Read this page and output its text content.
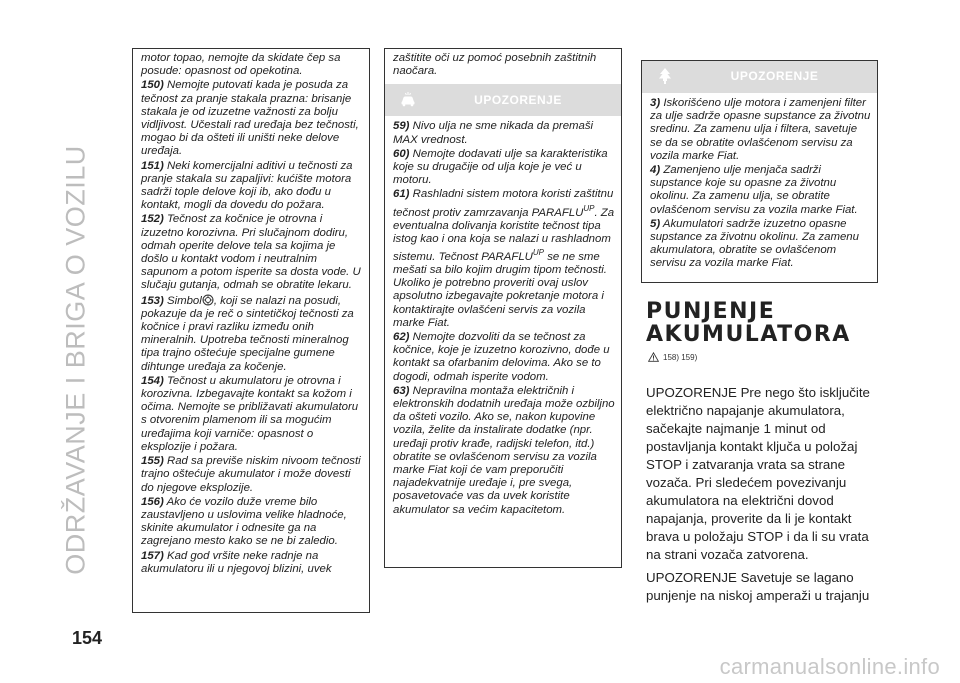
ODRŽAVANJE I BRIGA O VOZILU

motor topao, nemojte da skidate čep sa posude: opasnost od opekotina.

150) Nemojte putovati kada je posuda za tečnost za pranje stakala prazna: brisanje stakala je od izuzetne važnosti za bolju vidljivost. Učestali rad uređaja bez tečnosti, mogao bi da ošteti ili uništi neke delove uređaja.

151) Neki komercijalni aditivi u tečnosti za pranje stakala su zapaljivi: kućište motora sadrži tople delove koji ib, ako dođu u kontakt, mogli da dovedu do požara.

152) Tečnost za kočnice je otrovna i izuzetno korozivna. Pri slučajnom dodiru, odmah operite delove tela sa kojima je došlo u kontakt vodom i neutralnim sapunom a potom isperite sa dosta vode. U slučaju gutanja, odmah se obratite lekaru.

153) Simbol , koji se nalazi na posudi, pokazuje da je reč o sintetičkoj tečnosti za kočnice i pravi razliku između onih mineralnih. Upotreba tečnosti mineralnog tipa trajno oštećuje specijalne gumene dihtunge uređaja za kočenje.

154) Tečnost u akumulatoru je otrovna i korozivna. Izbegavajte kontakt sa kožom i očima. Nemojte se približavati akumulatoru s otvorenim plamenom ili sa mogućim uređajima koji varniče: opasnost o eksplozije i požara.

155) Rad sa previše niskim nivoom tečnosti trajno oštećuje akumulator i može dovesti do njegove eksplozije.

156) Ako će vozilo duže vreme bilo zaustavljeno u uslovima velike hladnoće, skinite akumulator i odnesite ga na zagrejano mesto kako se ne bi zaledio.

157) Kad god vršite neke radnje na akumulatoru ili u njegovoj blizini, uvek

zaštitite oči uz pomoć posebnih zaštitnih naočara.

UPOZORENJE

59) Nivo ulja ne sme nikada da premaši MAX vrednost.

60) Nemojte dodavati ulje sa karakteristika koje su drugačije od ulja koje je već u motoru.

61) Rashladni sistem motora koristi zaštitnu tečnost protiv zamrzavanja $PARAFLU^{UP}$. Za eventualna dolivanja koristite tečnost tipa istog kao i ona koja se nalazi u rashladnom sistemu. Tečnost $PARAFLU^{UP}$ se ne sme mešati sa bilo kojim drugim tipom tečnosti. Ukoliko je potrebno proveriti ovaj uslov apsolutno izbegavajte pokretanje motora i kontaktirajte ovlašćeni servis za vozila marke Fiat.

62) Nemojte dozvoliti da se tečnost za kočnice, koje je izuzetno korozivno, dođe u kontakt sa ofarbanim delovima. Ako se to dogodi, odmah isperite vodom.

63) Nepravilna montaža električnih i elektronskih dodatnih uređaja može ozbiljno da ošteti vozilo. Ako se, nakon kupovine vozila, želite da instalirate dodatke (npr. uređaji protiv krađe, radijski telefon, itd.) obratite se ovlašćenom servisu za vozila marke Fiat koji će vam preporučiti najadekvatnije uređaje i, pre svega, posavetovaće vas da uvek koristite akumulator sa većim kapacitetom.

UPOZORENJE

3) Iskorišćeno ulje motora i zamenjeni filter za ulje sadrže opasne supstance za životnu sredinu. Za zamenu ulja i filtera, savetuje se da se obratite ovlašćenom servisu za vozila marke Fiat.

4) Zamenjeno ulje menjača sadrži supstance koje su opasne za životnu okolinu. Za zamenu ulja, se obratite ovlašćenom servisu za vozila marke Fiat.

5) Akumulatori sadrže izuzetno opasne supstance za životnu okolinu. Za zamenu akumulatora, obratite se ovlašćenom servisu za vozila marke Fiat.

PUNJENJE
AKUMULATORA
158) 159)
UPOZORENJE Pre nego što isključite električno napajanje akumulatora, sačekajte najmanje 1 minut od postavljanja kontakt ključa u položaj STOP i zatvaranja vrata sa strane vozača. Pri sledećem povezivanju akumulatora na električni dovod napajanja, proverite da li je kontakt brava u položaju STOP i da li su vrata na strani vozača zatvorena.
UPOZORENJE Savetuje se lagano punjenje na niskoj amperaži u trajanju
154
carmanualsonline.info
